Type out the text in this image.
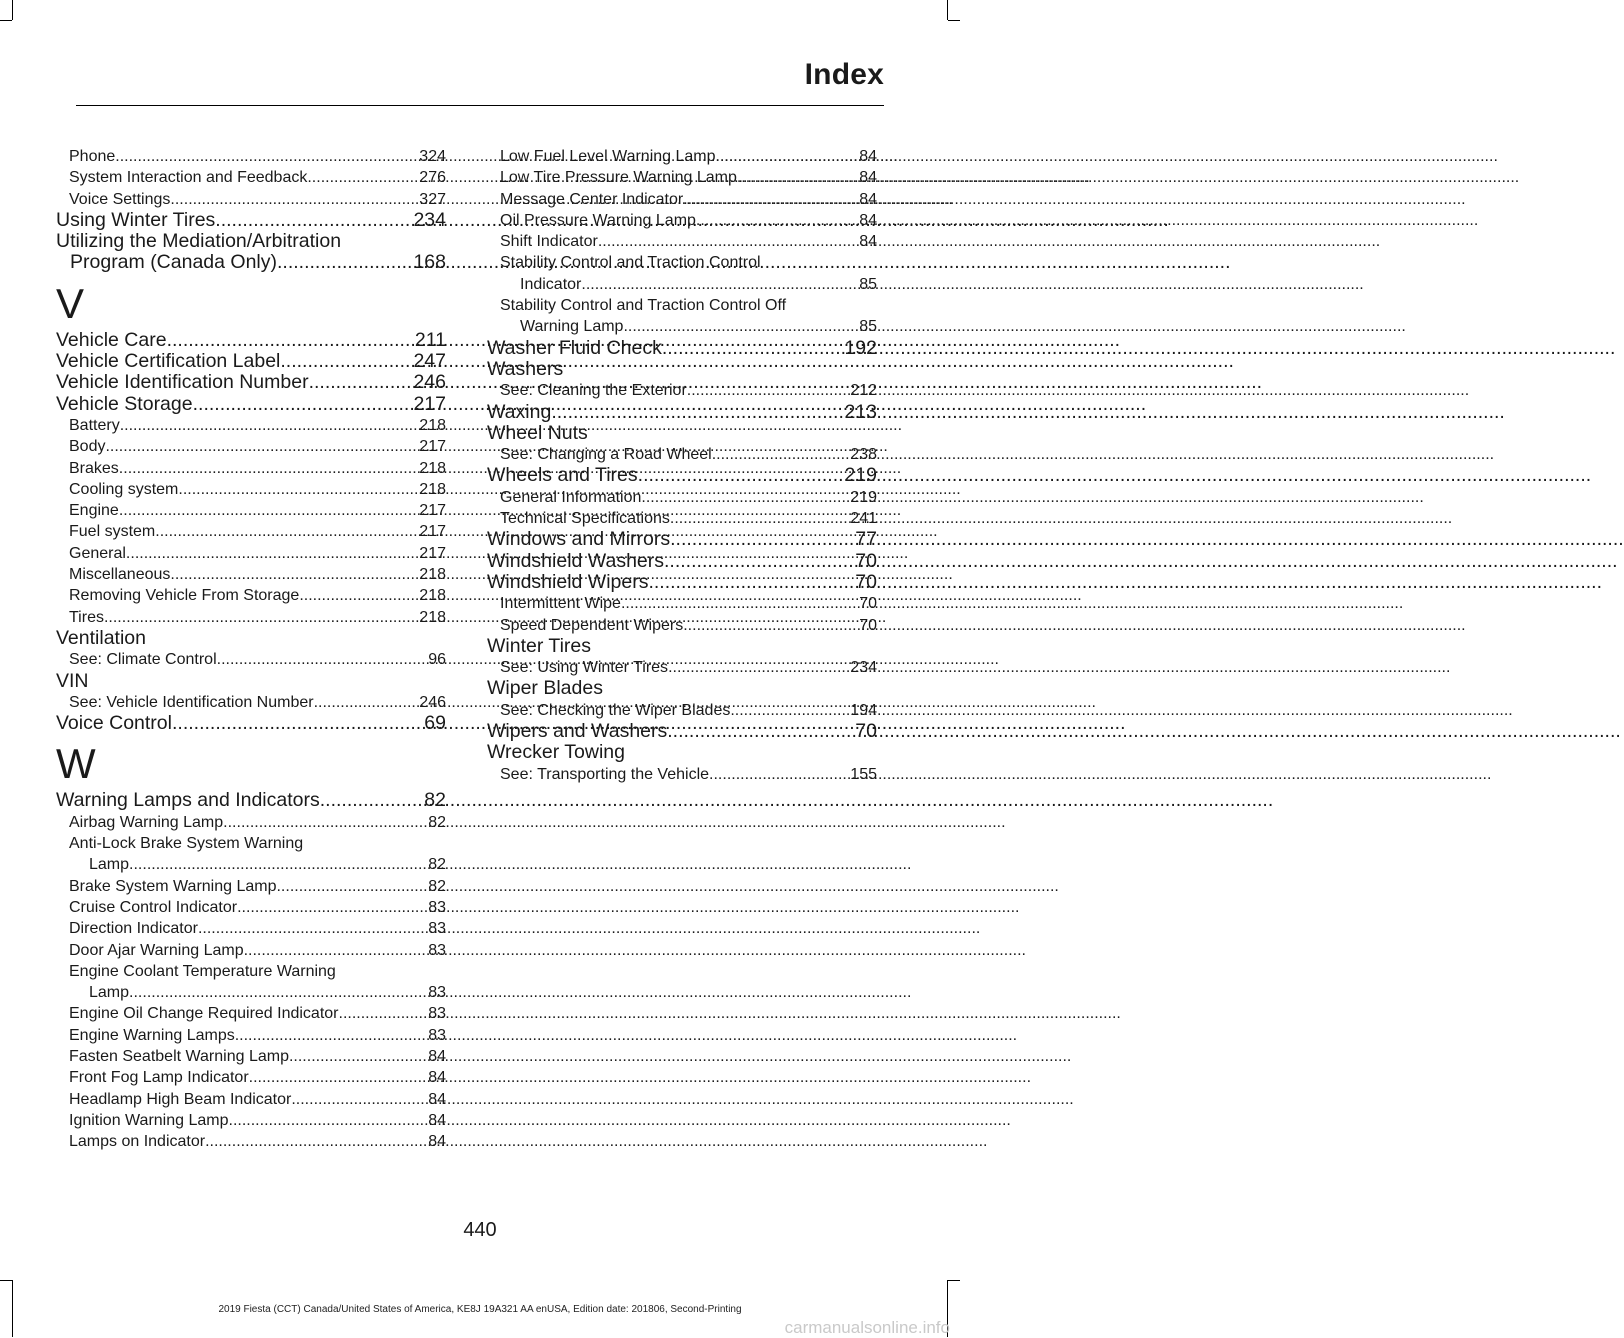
Index
Phone .....	324
System Interaction and Feedback .....	276
Voice Settings .....	327
Using Winter Tires .....	234
Utilizing the Mediation/Arbitration
Program (Canada Only) .....	168
V
Vehicle Care .....	211
Vehicle Certification Label .....	247
Vehicle Identification Number .....	246
Vehicle Storage .....	217
Battery .....	218
Body .....	217
Brakes .....	218
Cooling system .....	218
Engine .....	217
Fuel system .....	217
General .....	217
Miscellaneous .....	218
Removing Vehicle From Storage .....	218
Tires .....	218
Ventilation
See: Climate Control .....	96
VIN
See: Vehicle Identification Number .....	246
Voice Control .....	69
W
Warning Lamps and Indicators .....	82
Airbag Warning Lamp .....	82
Anti-Lock Brake System Warning
Lamp .....	82
Brake System Warning Lamp .....	82
Cruise Control Indicator .....	83
Direction Indicator .....	83
Door Ajar Warning Lamp .....	83
Engine Coolant Temperature Warning
Lamp .....	83
Engine Oil Change Required Indicator .....	83
Engine Warning Lamps .....	83
Fasten Seatbelt Warning Lamp .....	84
Front Fog Lamp Indicator .....	84
Headlamp High Beam Indicator .....	84
Ignition Warning Lamp .....	84
Lamps on Indicator .....	84
Low Fuel Level Warning Lamp .....	84
Low Tire Pressure Warning Lamp .....	84
Message Center Indicator .....	84
Oil Pressure Warning Lamp .....	84
Shift Indicator .....	84
Stability Control and Traction Control
Indicator .....	85
Stability Control and Traction Control Off
Warning Lamp .....	85
Washer Fluid Check .....	192
Washers
See: Cleaning the Exterior .....	212
Waxing .....	213
Wheel Nuts
See: Changing a Road Wheel .....	238
Wheels and Tires .....	219
General Information .....	219
Technical Specifications .....	241
Windows and Mirrors .....	77
Windshield Washers .....	70
Windshield Wipers .....	70
Intermittent Wipe .....	70
Speed Dependent Wipers .....	70
Winter Tires
See: Using Winter Tires .....	234
Wiper Blades
See: Checking the Wiper Blades .....	194
Wipers and Washers .....	70
Wrecker Towing
See: Transporting the Vehicle .....	155
440
2019 Fiesta (CCT) Canada/United States of America, KE8J 19A321 AA enUSA, Edition date: 201806, Second-Printing
carmanualsonline.info
